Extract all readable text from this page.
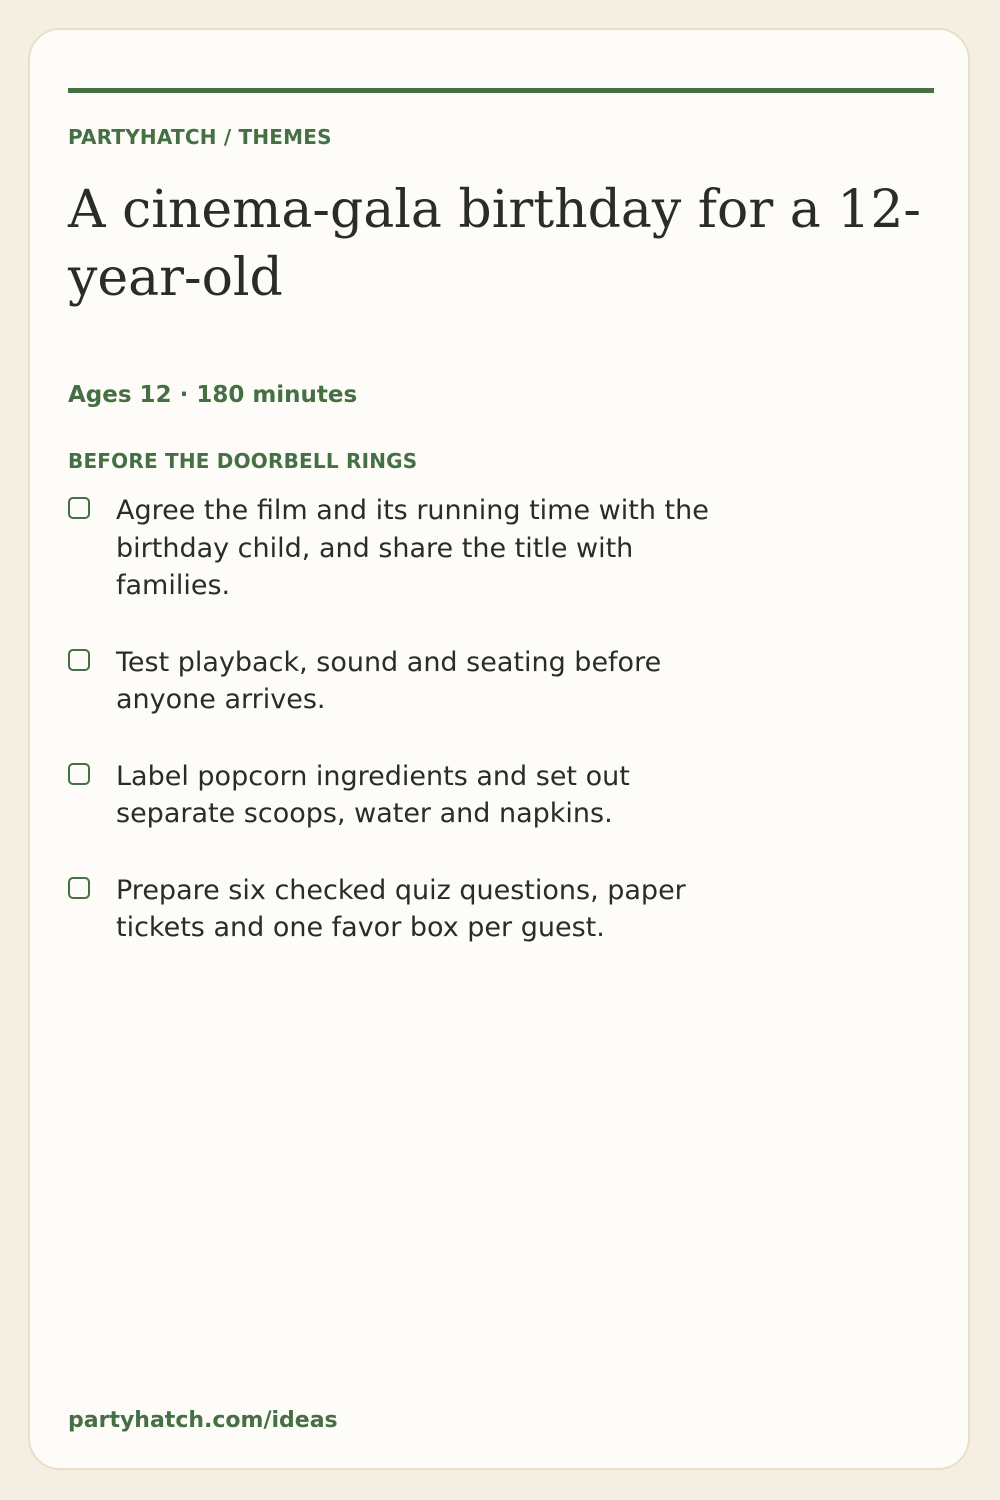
PARTYHATCH / THEMES
A cinema-gala birthday for a 12-year-old
Ages 12 · 180 minutes
BEFORE THE DOORBELL RINGS
Agree the film and its running time with the birthday child, and share the title with families.
Test playback, sound and seating before anyone arrives.
Label popcorn ingredients and set out separate scoops, water and napkins.
Prepare six checked quiz questions, paper tickets and one favor box per guest.
partyhatch.com/ideas
